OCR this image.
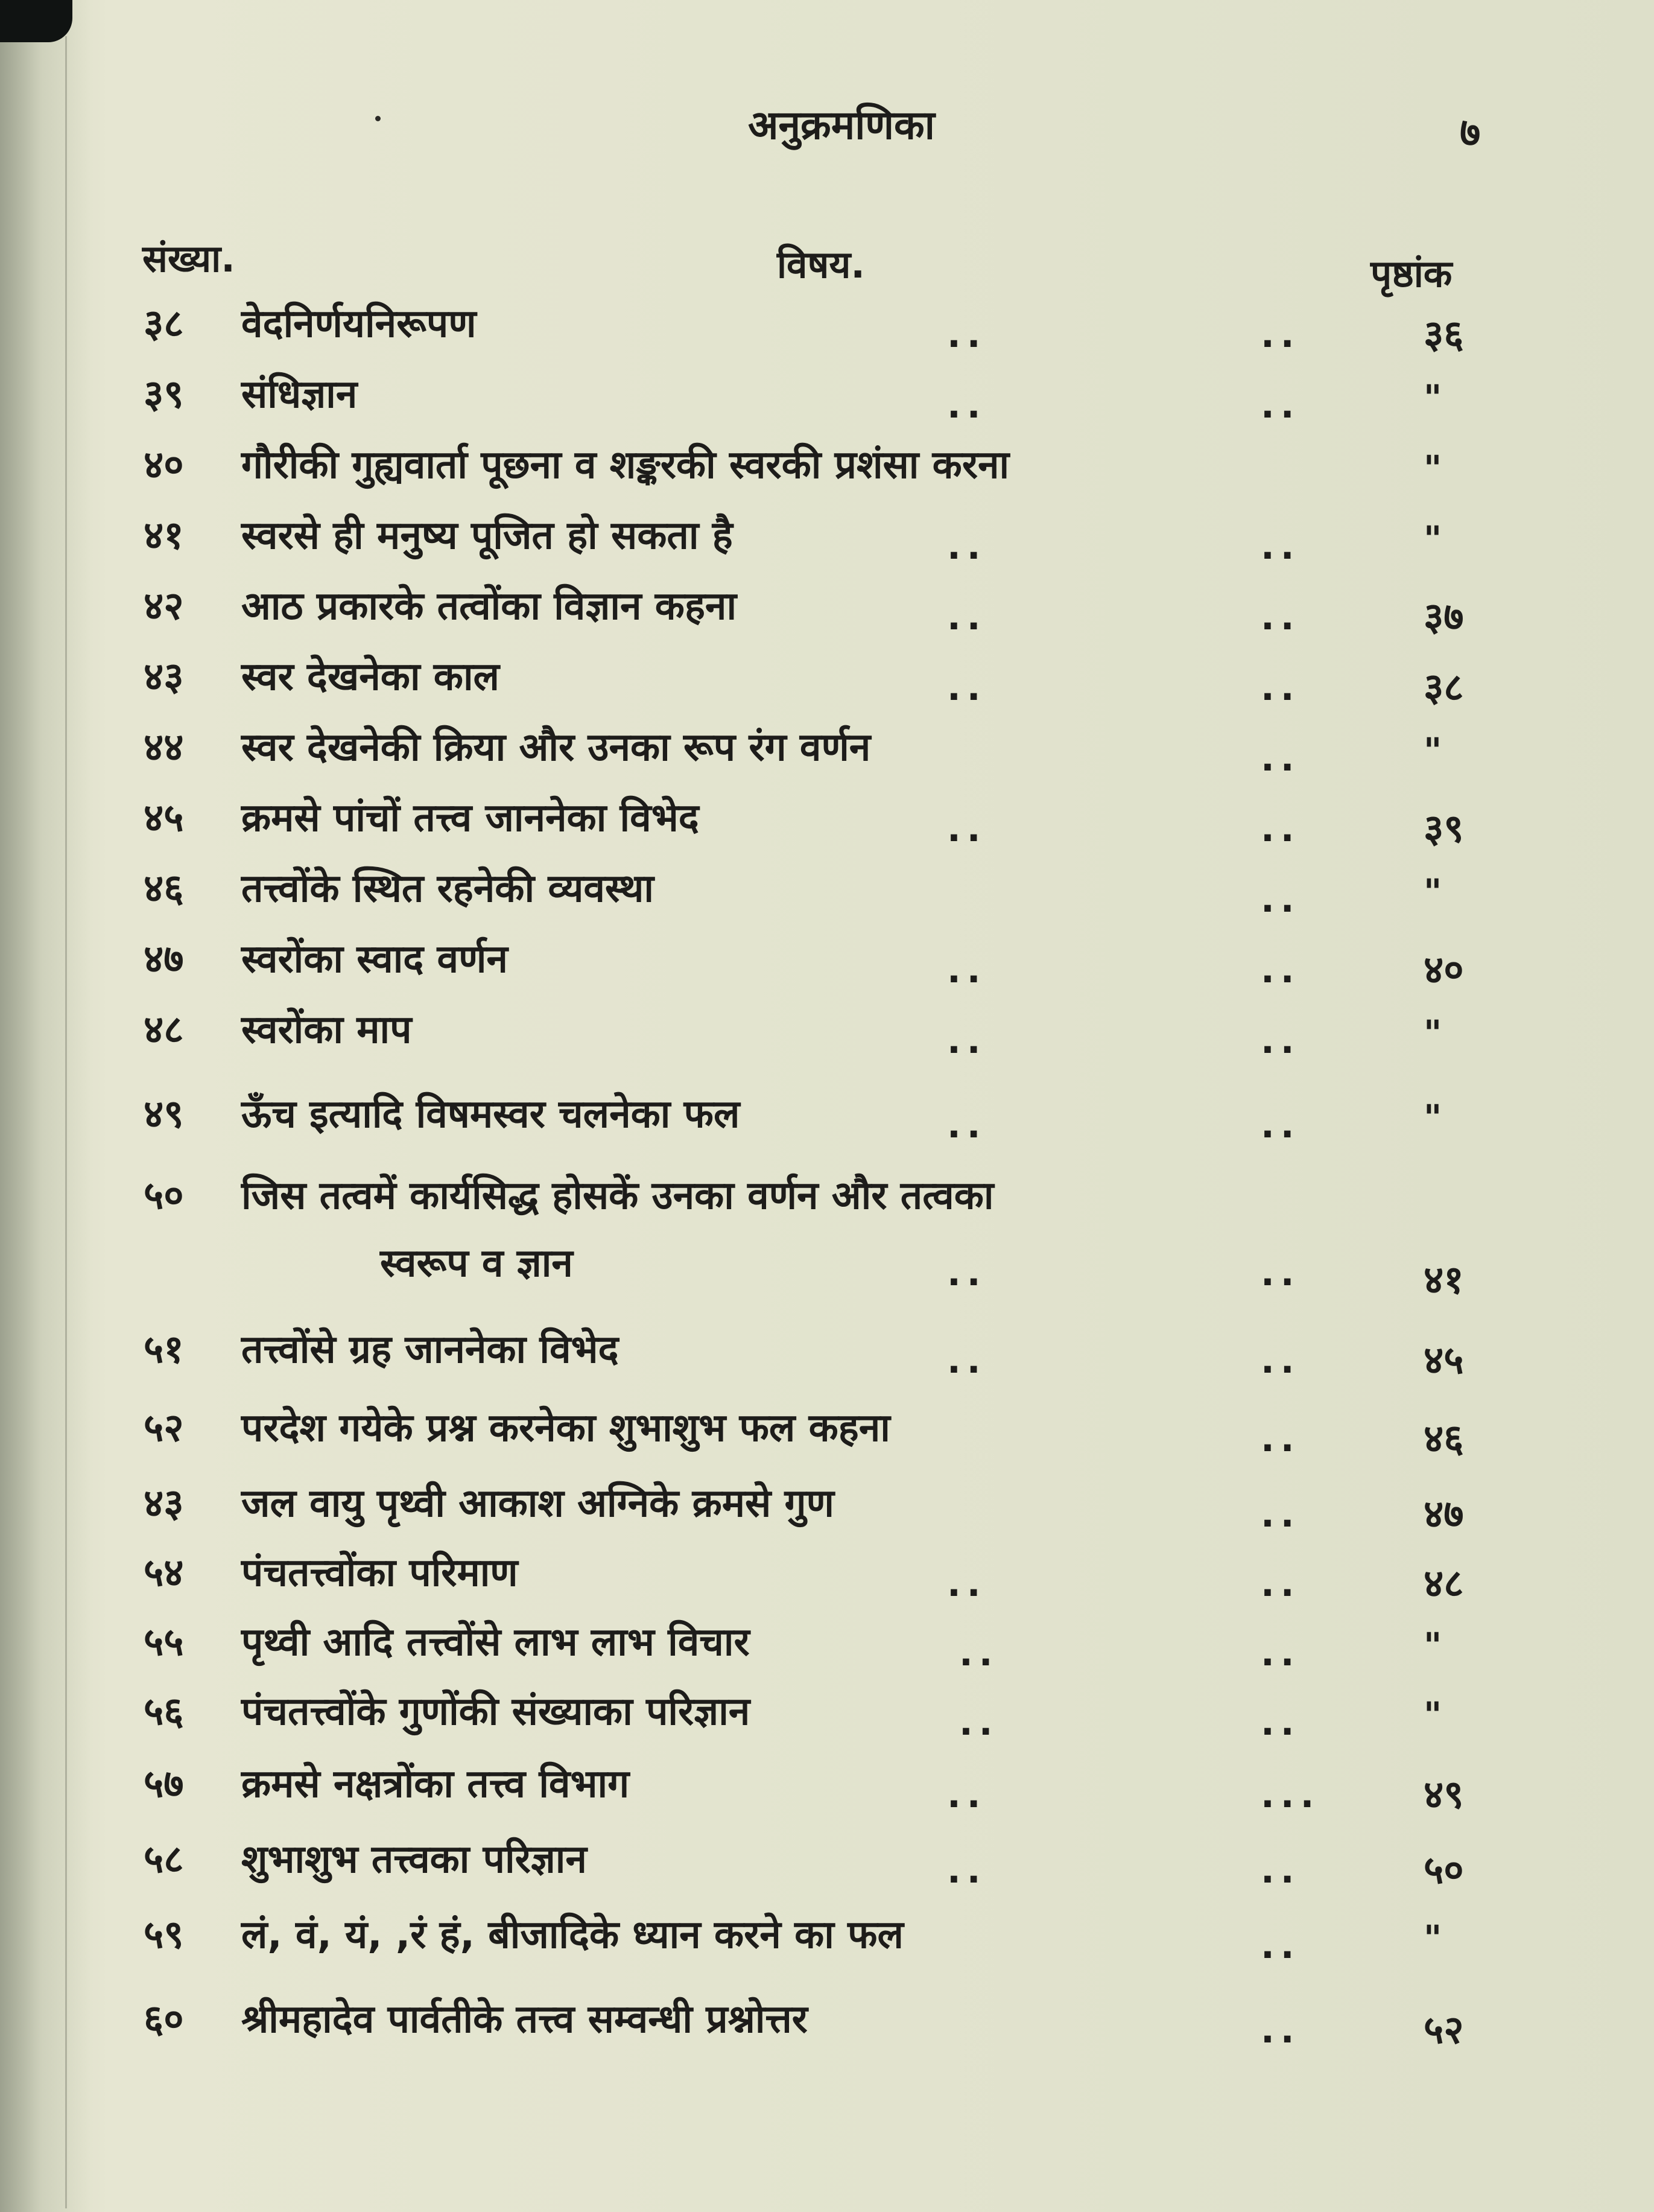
अनुक्रमणिका	७
संख्या.	विषय.	पृष्ठांक
३८ वेदनिर्णयनिरूपण	..	..	३६
३९ संधिज्ञान	..	..	"
४० गौरीकी गुह्यवार्ता पूछना व शङ्करकी स्वरकी प्रशंसा करना	"
४१ स्वरसे ही मनुष्य पूजित हो सकता है	..	..	"
४२ आठ प्रकारके तत्वोंका विज्ञान कहना	..	..	३७
४३ स्वर देखनेका काल	..	..	३८
४४ स्वर देखनेकी क्रिया और उनका रूप रंग वर्णन	..	"
४५ क्रमसे पांचों तत्त्व जाननेका विभेद	..	..	३९
४६ तत्त्वोंके स्थित रहनेकी व्यवस्था	..	"
४७ स्वरोंका स्वाद वर्णन	..	..	४०
४८ स्वरोंका माप	..	..	"
४९ ऊँच इत्यादि विषमस्वर चलनेका फल	..	..	"
५० जिस तत्वमें कार्यसिद्ध होसकें उनका वर्णन और तत्वका
स्वरूप व ज्ञान	..	..	४१
५१ तत्त्वोंसे ग्रह जाननेका विभेद	..	..	४५
५२ परदेश गयेके प्रश्न करनेका शुभाशुभ फल कहना	..	४६
४३ जल वायु पृथ्वी आकाश अग्निके क्रमसे गुण	..	४७
५४ पंचतत्त्वोंका परिमाण	..	..	४८
५५ पृथ्वी आदि तत्त्वोंसे लाभ लाभ विचार	..	..	"
५६ पंचतत्त्वोंके गुणोंकी संख्याका परिज्ञान	..	..	"
५७ क्रमसे नक्षत्रोंका तत्त्व विभाग	..	...	४९
५८ शुभाशुभ तत्त्वका परिज्ञान	..	..	५०
५९ लं, वं, यं, ,रं हं, बीजादिके ध्यान करने का फल	..	"
६० श्रीमहादेव पार्वतीके तत्त्व सम्वन्धी प्रश्नोत्तर	..	५२
